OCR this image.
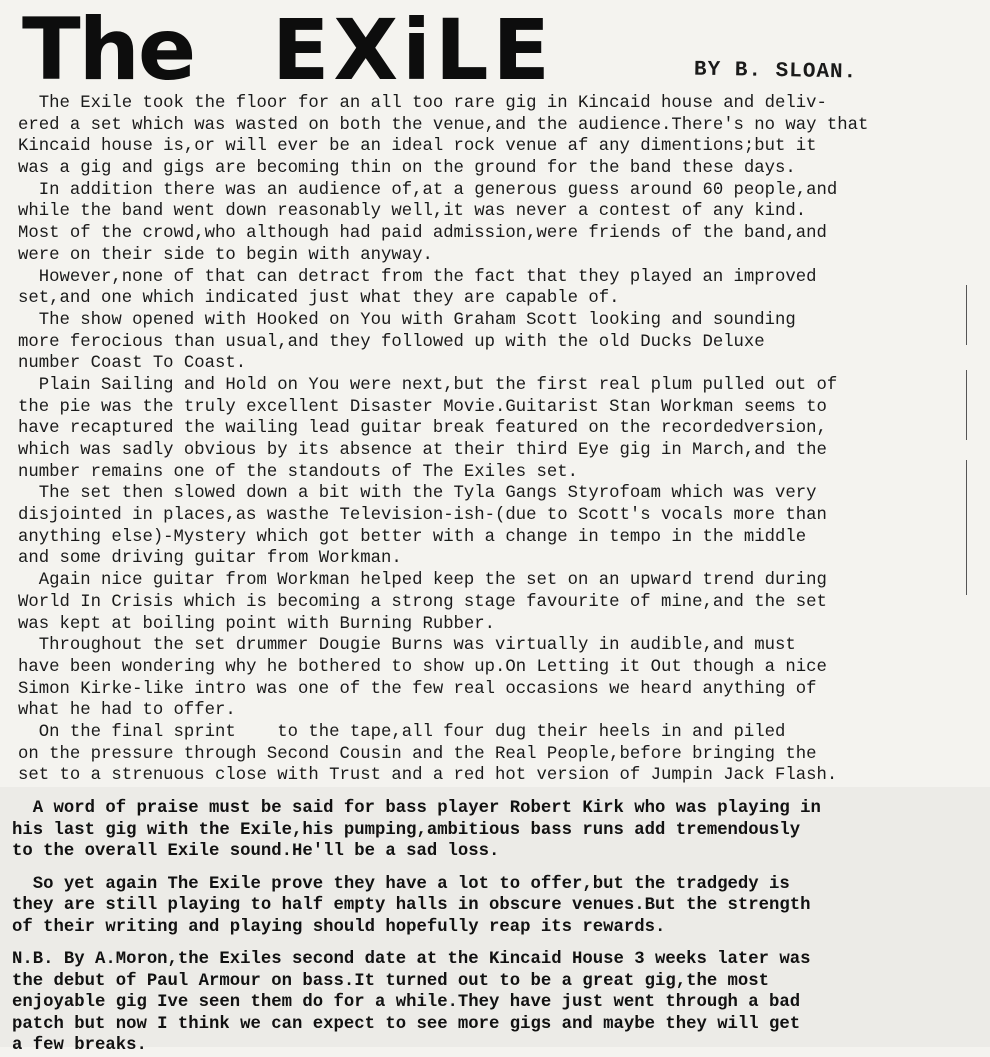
The EXiLE	BY B. SLOAN.
The Exile took the floor for an all too rare gig in Kincaid house and deliv-
ered a set which was wasted on both the venue,and the audience.There's no way that
Kincaid house is,or will ever be an ideal rock venue af any dimentions;but it
was a gig and gigs are becoming thin on the ground for the band these days.
In addition there was an audience of,at a generous guess around 60 people,and
while the band went down reasonably well,it was never a contest of any kind.
Most of the crowd,who although had paid admission,were friends of the band,and
were on their side to begin with anyway.
However,none of that can detract from the fact that they played an improved
set,and one which indicated just what they are capable of.
The show opened with Hooked on You with Graham Scott looking and sounding
more ferocious than usual,and they followed up with the old Ducks Deluxe
number Coast To Coast.
Plain Sailing and Hold on You were next,but the first real plum pulled out of
the pie was the truly excellent Disaster Movie.Guitarist Stan Workman seems to
have recaptured the wailing lead guitar break featured on the recordedversion,
which was sadly obvious by its absence at their third Eye gig in March,and the
number remains one of the standouts of The Exiles set.
The set then slowed down a bit with the Tyla Gangs Styrofoam which was very
disjointed in places,as wasthe Television-ish-(due to Scott's vocals more than
anything else)-Mystery which got better with a change in tempo in the middle
and some driving guitar from Workman.
Again nice guitar from Workman helped keep the set on an upward trend during
World In Crisis which is becoming a strong stage favourite of mine,and the set
was kept at boiling point with Burning Rubber.
Throughout the set drummer Dougie Burns was virtually in audible,and must
have been wondering why he bothered to show up.On Letting it Out though a nice
Simon Kirke-like intro was one of the few real occasions we heard anything of
what he had to offer.
On the final sprint    to the tape,all four dug their heels in and piled
on the pressure through Second Cousin and the Real People,before bringing the
set to a strenuous close with Trust and a red hot version of Jumpin Jack Flash.
A word of praise must be said for bass player Robert Kirk who was playing in
his last gig with the Exile,his pumping,ambitious bass runs add tremendously
to the overall Exile sound.He'll be a sad loss.
So yet again The Exile prove they have a lot to offer,but the tradgedy is
they are still playing to half empty halls in obscure venues.But the strength
of their writing and playing should hopefully reap its rewards.
N.B. By A.Moron,the Exiles second date at the Kincaid House 3 weeks later was
the debut of Paul Armour on bass.It turned out to be a great gig,the most
enjoyable gig Ive seen them do for a while.They have just went through a bad
patch but now I think we can expect to see more gigs and maybe they will get
a few breaks.
